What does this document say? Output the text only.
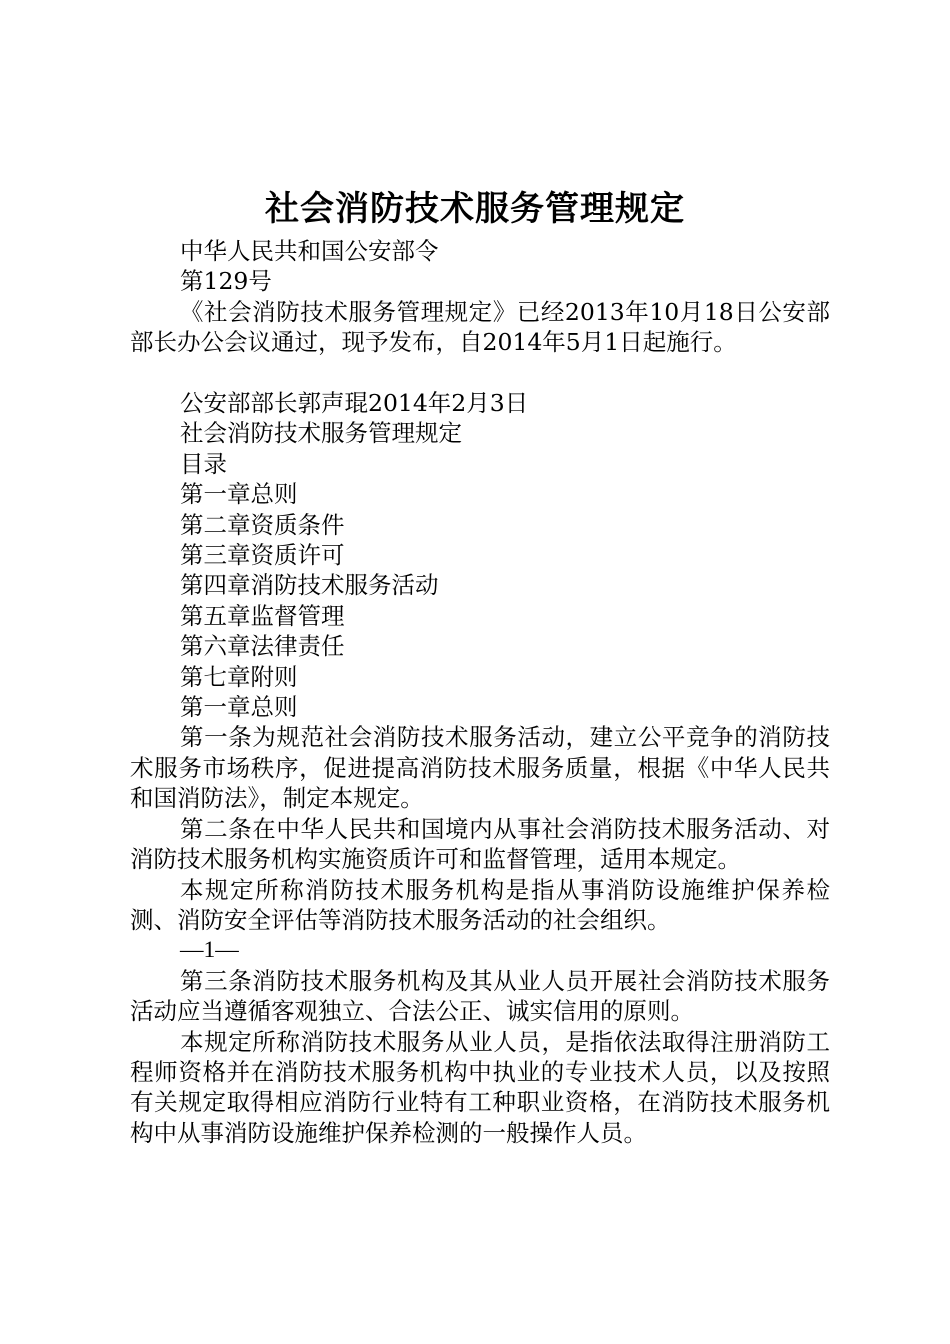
社会消防技术服务管理规定

中华人民共和国公安部令

第129号

《社会消防技术服务管理规定》已经2013年10月18日公安部部长办公会议通过，现予发布，自2014年5月1日起施行。

公安部部长郭声琨2014年2月3日

社会消防技术服务管理规定

目录

第一章总则

第二章资质条件

第三章资质许可

第四章消防技术服务活动

第五章监督管理

第六章法律责任

第七章附则

第一章总则

第一条为规范社会消防技术服务活动，建立公平竞争的消防技术服务市场秩序，促进提高消防技术服务质量，根据《中华人民共和国消防法》，制定本规定。

第二条在中华人民共和国境内从事社会消防技术服务活动、对消防技术服务机构实施资质许可和监督管理，适用本规定。

本规定所称消防技术服务机构是指从事消防设施维护保养检测、消防安全评估等消防技术服务活动的社会组织。

—1—

第三条消防技术服务机构及其从业人员开展社会消防技术服务活动应当遵循客观独立、合法公正、诚实信用的原则。

本规定所称消防技术服务从业人员，是指依法取得注册消防工程师资格并在消防技术服务机构中执业的专业技术人员，以及按照有关规定取得相应消防行业特有工种职业资格，在消防技术服务机构中从事消防设施维护保养检测的一般操作人员。
